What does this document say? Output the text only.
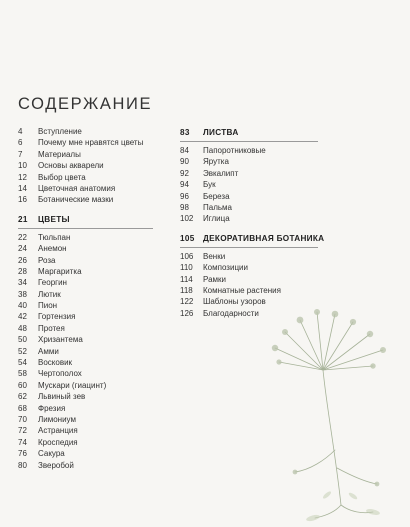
СОДЕРЖАНИЕ
4	Вступление
6	Почему мне нравятся цветы
7	Материалы
10	Основы акварели
12	Выбор цвета
14	Цветочная анатомия
16	Ботанические мазки
21	ЦВЕТЫ
22	Тюльпан
24	Анемон
26	Роза
28	Маргаритка
34	Георгин
38	Лютик
40	Пион
42	Гортензия
48	Протея
50	Хризантема
52	Амми
54	Восковик
58	Чертополох
60	Мускари (гиацинт)
62	Львиный зев
68	Фрезия
70	Лимониум
72	Астранция
74	Кроспедия
76	Сакура
80	Зверобой
83	ЛИСТВА
84	Папоротниковые
90	Ярутка
92	Эвкалипт
94	Бук
96	Береза
98	Пальма
102	Иглица
105	ДЕКОРАТИВНАЯ БОТАНИКА
106	Венки
110	Композиции
114	Рамки
118	Комнатные растения
122	Шаблоны узоров
126	Благодарности
